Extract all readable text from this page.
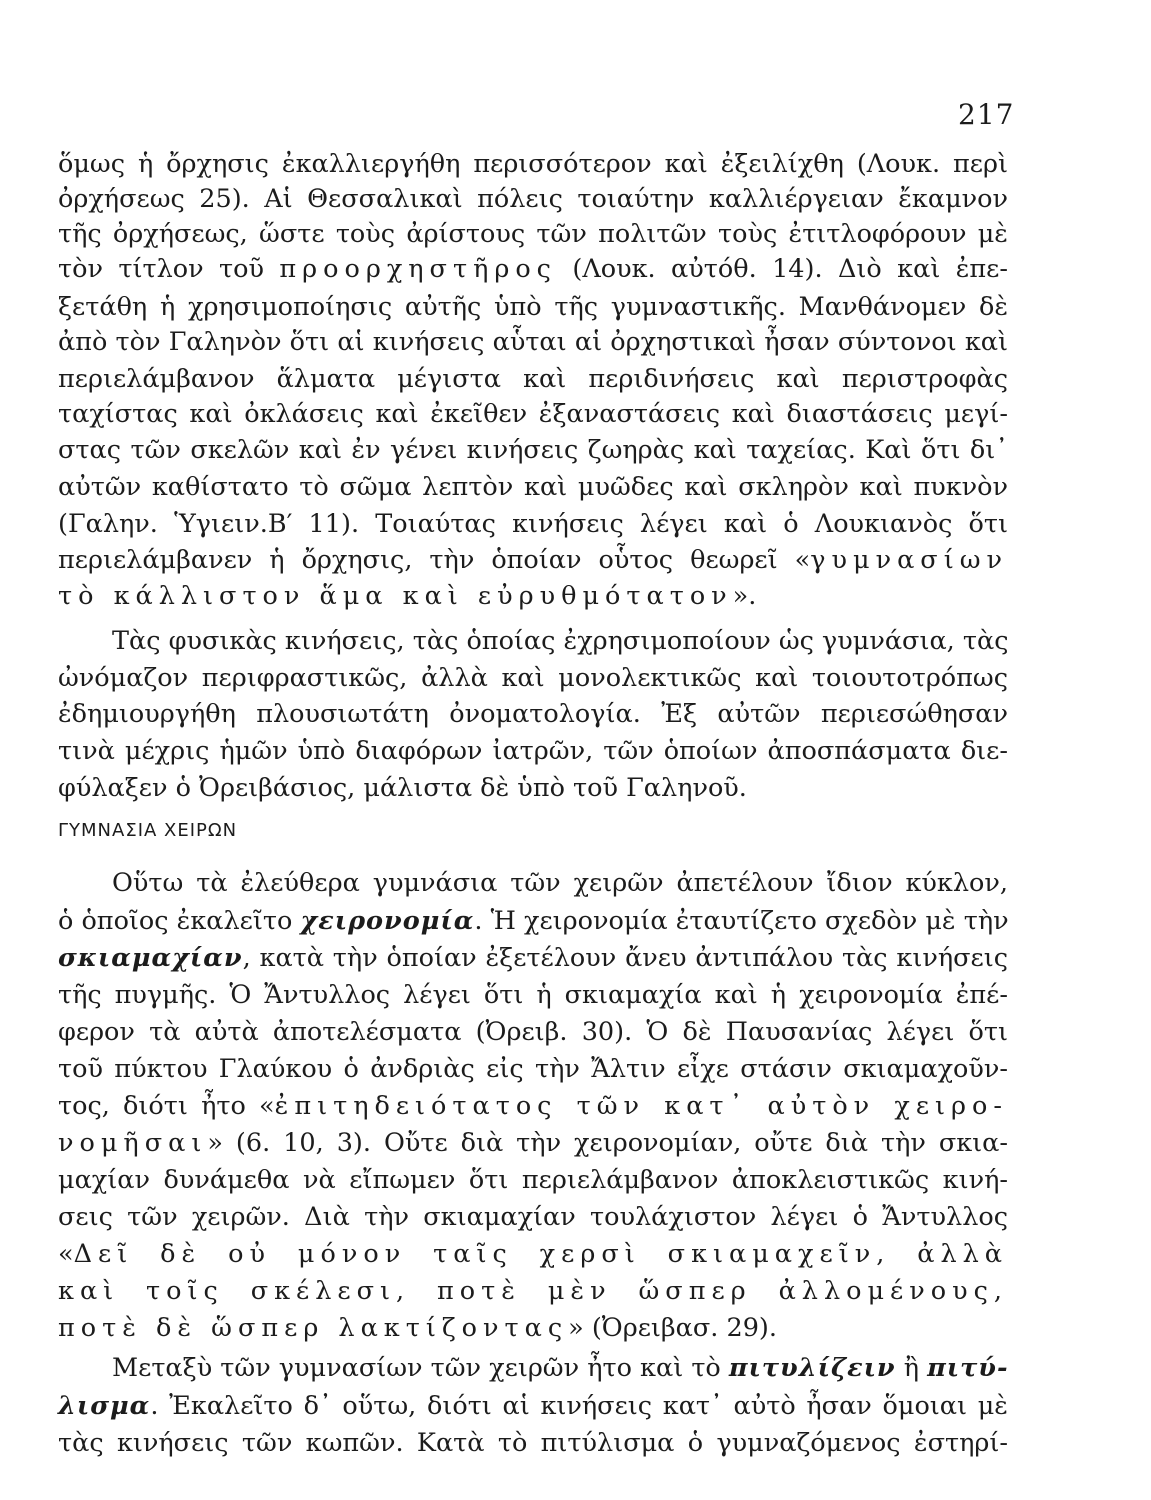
217
ὅμως ἡ ὄρχησις ἐκαλλιεργήθη περισσότερον καὶ ἐξειλίχθη (Λουκ. περὶ
ὀρχήσεως 25). Αἱ Θεσσαλικαὶ πόλεις τοιαύτην καλλιέργειαν ἔκαμνον
τῆς ὀρχήσεως, ὥστε τοὺς ἀρίστους τῶν πολιτῶν τοὺς ἐτιτλοφόρουν μὲ
τὸν τίτλον τοῦ προορχηστῆρος (Λουκ. αὐτόθ. 14). Διὸ καὶ ἐπε-
ξετάθη ἡ χρησιμοποίησις αὐτῆς ὑπὸ τῆς γυμναστικῆς. Μανθάνομεν δὲ
ἀπὸ τὸν Γαληνὸν ὅτι αἱ κινήσεις αὗται αἱ ὀρχηστικαὶ ἦσαν σύντονοι καὶ
περιελάμβανον ἅλματα μέγιστα καὶ περιδινήσεις καὶ περιστροφὰς
ταχίστας καὶ ὀκλάσεις καὶ ἐκεῖθεν ἐξαναστάσεις καὶ διαστάσεις μεγί-
στας τῶν σκελῶν καὶ ἐν γένει κινήσεις ζωηρὰς καὶ ταχείας. Καὶ ὅτι δι᾽
αὐτῶν καθίστατο τὸ σῶμα λεπτὸν καὶ μυῶδες καὶ σκληρὸν καὶ πυκνὸν
(Γαλην. Ὑγιειν.Β′ 11). Τοιαύτας κινήσεις λέγει καὶ ὁ Λουκιανὸς ὅτι
περιελάμβανεν ἡ ὄρχησις, τὴν ὁποίαν οὗτος θεωρεῖ «γυμνασίων
τὸ κάλλιστον ἅμα καὶ εὐρυθμότατον».
Τὰς φυσικὰς κινήσεις, τὰς ὁποίας ἐχρησιμοποίουν ὡς γυμνάσια, τὰς
ὠνόμαζον περιφραστικῶς, ἀλλὰ καὶ μονολεκτικῶς καὶ τοιουτοτρόπως
ἐδημιουργήθη πλουσιωτάτη ὀνοματολογία. Ἐξ αὐτῶν περιεσώθησαν
τινὰ μέχρις ἡμῶν ὑπὸ διαφόρων ἰατρῶν, τῶν ὁποίων ἀποσπάσματα διε-
φύλαξεν ὁ Ὀρειβάσιος, μάλιστα δὲ ὑπὸ τοῦ Γαληνοῦ.
ΓΥΜΝΑΣΙΑ ΧΕΙΡΩΝ
Οὕτω τὰ ἐλεύθερα γυμνάσια τῶν χειρῶν ἀπετέλουν ἴδιον κύκλον,
ὁ ὁποῖος ἐκαλεῖτο χειρονομία. Ἡ χειρονομία ἐταυτίζετο σχεδὸν μὲ τὴν
σκιαμαχίαν, κατὰ τὴν ὁποίαν ἐξετέλουν ἄνευ ἀντιπάλου τὰς κινήσεις
τῆς πυγμῆς. Ὁ Ἄντυλλος λέγει ὅτι ἡ σκιαμαχία καὶ ἡ χειρονομία ἐπέ-
φερον τὰ αὐτὰ ἀποτελέσματα (Ὀρειβ. 30). Ὁ δὲ Παυσανίας λέγει ὅτι
τοῦ πύκτου Γλαύκου ὁ ἀνδριὰς εἰς τὴν Ἄλτιν εἶχε στάσιν σκιαμαχοῦν-
τος, διότι ἦτο «ἐπιτηδειότατος τῶν κατ᾽ αὐτὸν χειρο-
νομῆσαι» (6. 10, 3). Οὔτε διὰ τὴν χειρονομίαν, οὔτε διὰ τὴν σκια-
μαχίαν δυνάμεθα νὰ εἴπωμεν ὅτι περιελάμβανον ἀποκλειστικῶς κινή-
σεις τῶν χειρῶν. Διὰ τὴν σκιαμαχίαν τουλάχιστον λέγει ὁ Ἄντυλλος
«Δεῖ δὲ οὐ μόνον ταῖς χερσὶ σκιαμαχεῖν, ἀλλὰ
καὶ τοῖς σκέλεσι, ποτὲ μὲν ὥσπερ ἀλλομένους,
ποτὲ δὲ ὥσπερ λακτίζοντας» (Ὀρειβασ. 29).
Μεταξὺ τῶν γυμνασίων τῶν χειρῶν ἦτο καὶ τὸ πιτυλίζειν ἢ πιτύ-
λισμα. Ἐκαλεῖτο δ᾽ οὕτω, διότι αἱ κινήσεις κατ᾽ αὐτὸ ἦσαν ὅμοιαι μὲ
τὰς κινήσεις τῶν κωπῶν. Κατὰ τὸ πιτύλισμα ὁ γυμναζόμενος ἐστηρί-
